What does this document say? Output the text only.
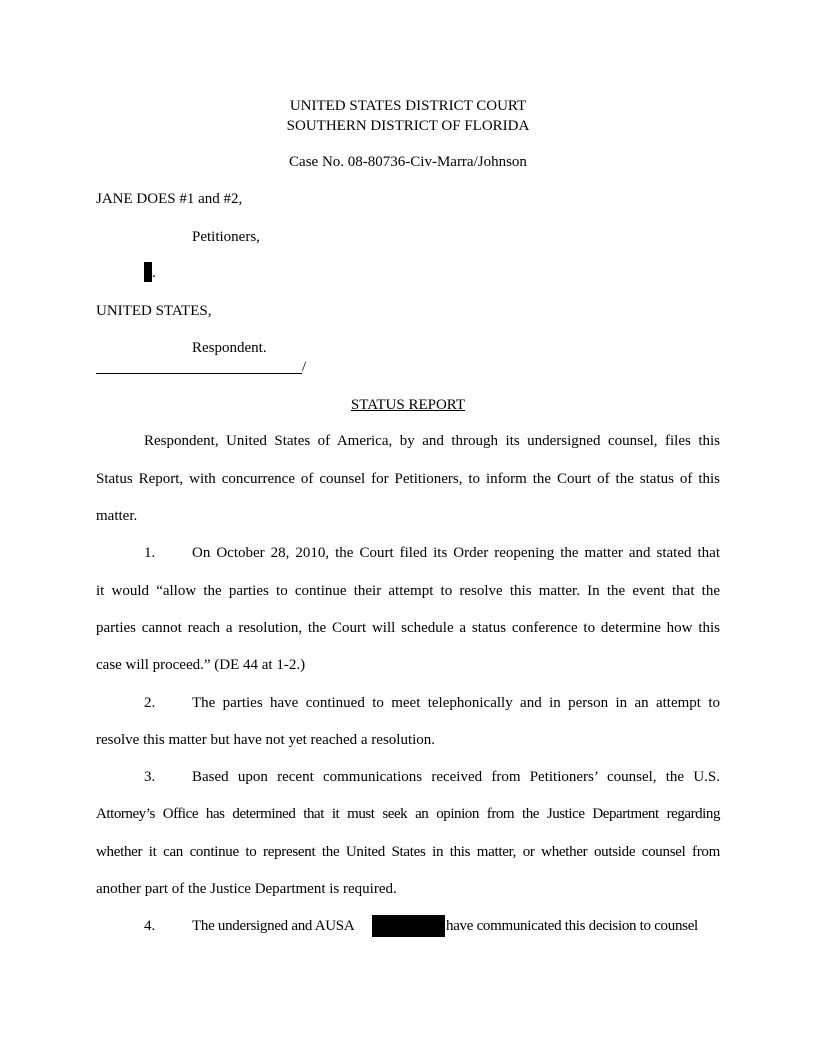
UNITED STATES DISTRICT COURT
SOUTHERN DISTRICT OF FLORIDA
Case No. 08-80736-Civ-Marra/Johnson
JANE DOES #1 and #2,
Petitioners,
.
UNITED STATES,
Respondent.
/
STATUS REPORT
Respondent, United States of America, by and through its undersigned counsel, files this
Status Report, with concurrence of counsel for Petitioners, to inform the Court of the status of this
matter.
1. On October 28, 2010, the Court filed its Order reopening the matter and stated that
it would “allow the parties to continue their attempt to resolve this matter. In the event that the
parties cannot reach a resolution, the Court will schedule a status conference to determine how this
case will proceed.” (DE 44 at 1-2.)
2. The parties have continued to meet telephonically and in person in an attempt to
resolve this matter but have not yet reached a resolution.
3. Based upon recent communications received from Petitioners’ counsel, the U.S.
Attorney’s Office has determined that it must seek an opinion from the Justice Department regarding
whether it can continue to represent the United States in this matter, or whether outside counsel from
another part of the Justice Department is required.
4. The undersigned and AUSA	have communicated this decision to counsel
